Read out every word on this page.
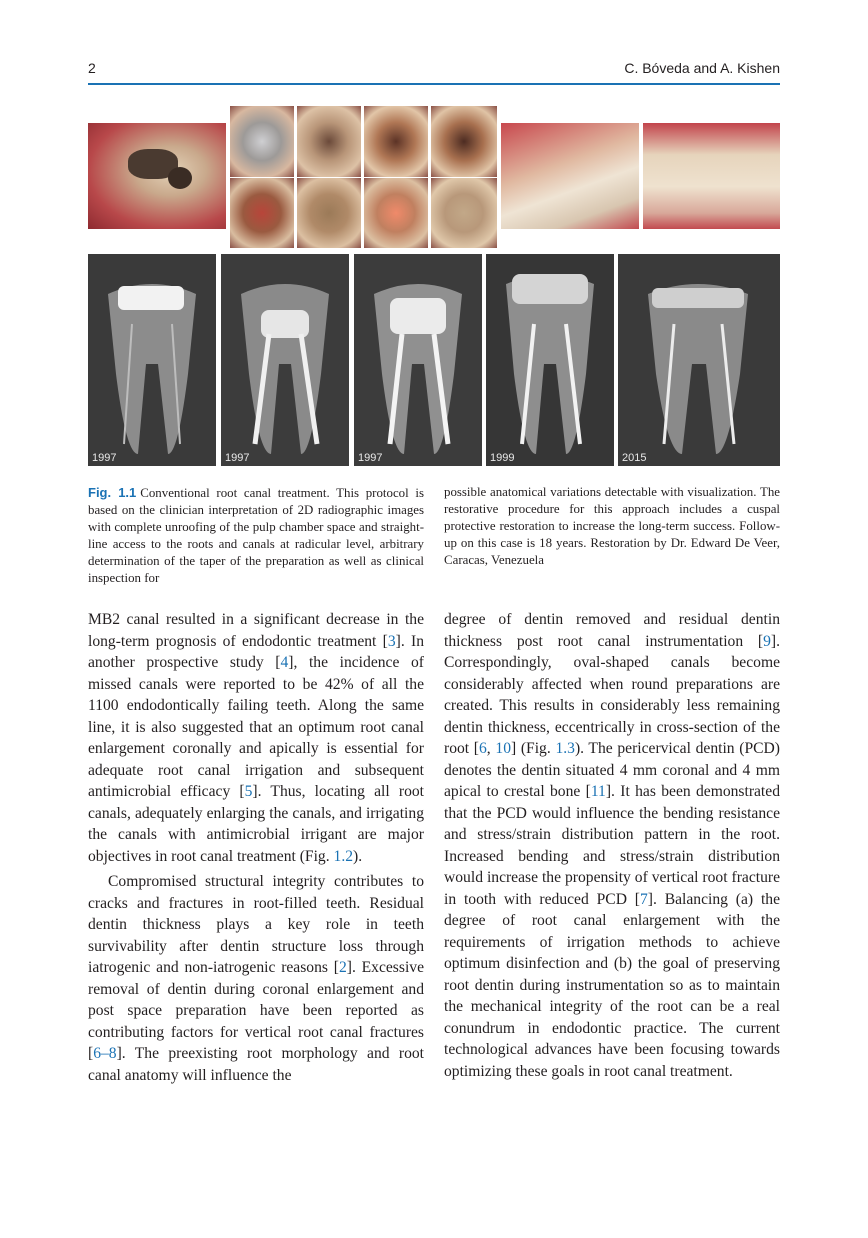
2	C. Bóveda and A. Kishen
1997	1997	1997	1999	2015
Fig. 1.1 Conventional root canal treatment. This protocol is based on the clinician interpretation of 2D radiographic images with complete unroofing of the pulp chamber space and straight-line access to the roots and canals at radicular level, arbitrary determination of the taper of the preparation as well as clinical inspection for
possible anatomical variations detectable with visualization. The restorative procedure for this approach includes a cuspal protective restoration to increase the long-term success. Follow-up on this case is 18 years. Restoration by Dr. Edward De Veer, Caracas, Venezuela

MB2 canal resulted in a significant decrease in the long-term prognosis of endodontic treatment [3]. In another prospective study [4], the incidence of missed canals were reported to be 42% of all the 1100 endodontically failing teeth. Along the same line, it is also suggested that an optimum root canal enlargement coronally and apically is essential for adequate root canal irrigation and subsequent antimicrobial efficacy [5]. Thus, locating all root canals, adequately enlarging the canals, and irrigating the canals with antimicrobial irrigant are major objectives in root canal treatment (Fig. 1.2).

Compromised structural integrity contributes to cracks and fractures in root-filled teeth. Residual dentin thickness plays a key role in teeth survivability after dentin structure loss through iatrogenic and non-iatrogenic reasons [2]. Excessive removal of dentin during coronal enlargement and post space preparation have been reported as contributing factors for vertical root canal fractures [6–8]. The preexisting root morphology and root canal anatomy will influence the

degree of dentin removed and residual dentin thickness post root canal instrumentation [9]. Correspondingly, oval-shaped canals become considerably affected when round preparations are created. This results in considerably less remaining dentin thickness, eccentrically in cross-section of the root [6, 10] (Fig. 1.3). The pericervical dentin (PCD) denotes the dentin situated 4 mm coronal and 4 mm apical to crestal bone [11]. It has been demonstrated that the PCD would influence the bending resistance and stress/strain distribution pattern in the root. Increased bending and stress/strain distribution would increase the propensity of vertical root fracture in tooth with reduced PCD [7]. Balancing (a) the degree of root canal enlargement with the requirements of irrigation methods to achieve optimum disinfection and (b) the goal of preserving root dentin during instrumentation so as to maintain the mechanical integrity of the root can be a real conundrum in endodontic practice. The current technological advances have been focusing towards optimizing these goals in root canal treatment.
